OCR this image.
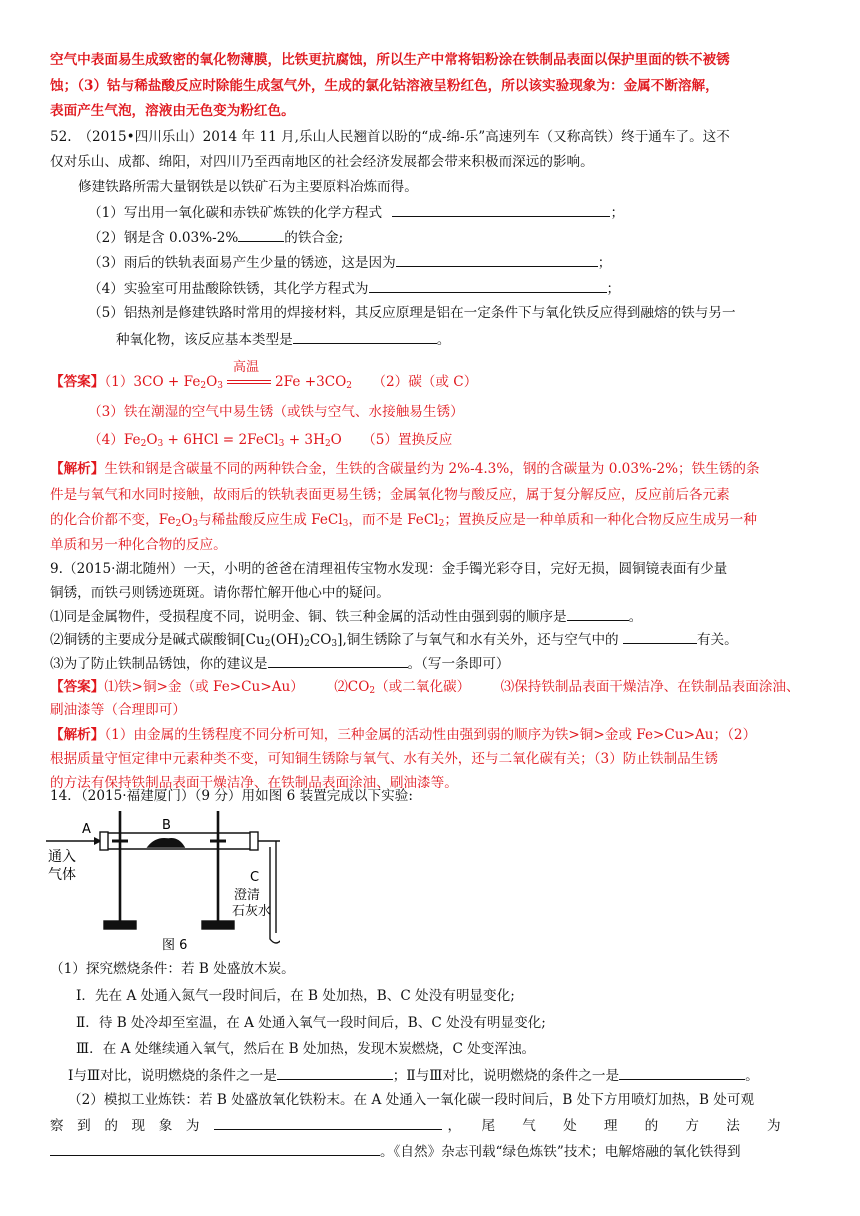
空气中表面易生成致密的氧化物薄膜，比铁更抗腐蚀，所以生产中常将铝粉涂在铁制品表面以保护里面的铁不被锈
蚀；（3）钴与稀盐酸反应时除能生成氢气外，生成的氯化钴溶液呈粉红色，所以该实验现象为：金属不断溶解，
表面产生气泡，溶液由无色变为粉红色。
52.　（2015•四川乐山）2014 年 11 月,乐山人民翘首以盼的“成-绵-乐”高速列车（又称高铁）终于通车了。这不
仅对乐山、成都、绵阳，对四川乃至西南地区的社会经济发展都会带来积极而深远的影响。
修建铁路所需大量钢铁是以铁矿石为主要原料冶炼而得。
（1）写出用一氧化碳和赤铁矿炼铁的化学方程式	；
（2）钢是含 0.03%-2%	的铁合金;
（3）雨后的铁轨表面易产生少量的锈迹，这是因为	；
（4）实验室可用盐酸除铁锈，其化学方程式为	；
（5）铝热剂是修建铁路时常用的焊接材料，其反应原理是铝在一定条件下与氧化铁反应得到融熔的铁与另一
种氧化物，该反应基本类型是	。
【答案】$(1)3CO + Fe_2O_3$
高温
$2Fe +3CO_2$ （2）碳（或 C）
（3）铁在潮湿的空气中易生锈（或铁与空气、水接触易生锈）
$(4)Fe_2O_3 + 6HCl$ = 2FeCl$_3$ + $3H_2O$ （5）置换反应
【解析】生铁和钢是含碳量不同的两种铁合金，生铁的含碳量约为 2%-4.3%，钢的含碳量为 0.03%-2%；铁生锈的条
件是与氧气和水同时接触，故雨后的铁轨表面更易生锈；金属氧化物与酸反应，属于复分解反应，反应前后各元素
的化合价都不变，$Fe_2O_3$与稀盐酸反应生成 FeCl$_3$，而不是 FeCl$_2$；置换反应是一种单质和一种化合物反应生成另一种
单质和另一种化合物的反应。
9.（2015·湖北随州）一天，小明的爸爸在清理祖传宝物水发现：金手镯光彩夺目，完好无损，圆铜镜表面有少量
铜锈，而铁弓则锈迹斑斑。请你帮忙解开他心中的疑问。
⑴同是金属物件，受损程度不同，说明金、铜、铁三种金属的活动性由强到弱的顺序是	。
⑵铜锈的主要成分是碱式碳酸铜$[Cu_2(OH)_2CO_3]$,铜生锈除了与氧气和水有关外，还与空气中的	有关。
⑶为了防止铁制品锈蚀，你的建议是	。（写一条即可）
【答案】⑴铁>铜>金（或 Fe>Cu>Au） $⑵CO_2$（或二氧化碳） ⑶保持铁制品表面干燥洁净、在铁制品表面涂油、
刷油漆等（合理即可）
【解析】（1）由金属的生锈程度不同分析可知，三种金属的活动性由强到弱的顺序为铁>铜>金或 Fe>Cu>Au；（2）
根据质量守恒定律中元素种类不变，可知铜生锈除与氧气、水有关外，还与二氧化碳有关；（3）防止铁制品生锈
的方法有保持铁制品表面干燥洁净、在铁制品表面涂油、刷油漆等。
14．（2015·福建厦门）（9 分）用如图 6 装置完成以下实验:
A	B
C
通入
气体
澄清
石灰水
图 6
（1）探究燃烧条件：若 B 处盛放木炭。
Ⅰ．先在 A 处通入氮气一段时间后，在 B 处加热，B、C 处没有明显变化;
Ⅱ．待 B 处冷却至室温，在 A 处通入氧气一段时间后，B、C 处没有明显变化;
Ⅲ．在 A 处继续通入氧气，然后在 B 处加热，发现木炭燃烧，C 处变浑浊。
Ⅰ与Ⅲ对比，说明燃烧的条件之一是	；Ⅱ与Ⅲ对比，说明燃烧的条件之一是	。
（2）模拟工业炼铁：若 B 处盛放氧化铁粉末。在 A 处通入一氧化碳一段时间后，B 处下方用喷灯加热，B 处可观
察　到　的　现　象　为	，　　尾　　气　　处　　理　　的　　方　　法　　为
。《自然》杂志刊载“绿色炼铁”技术；电解熔融的氧化铁得到
